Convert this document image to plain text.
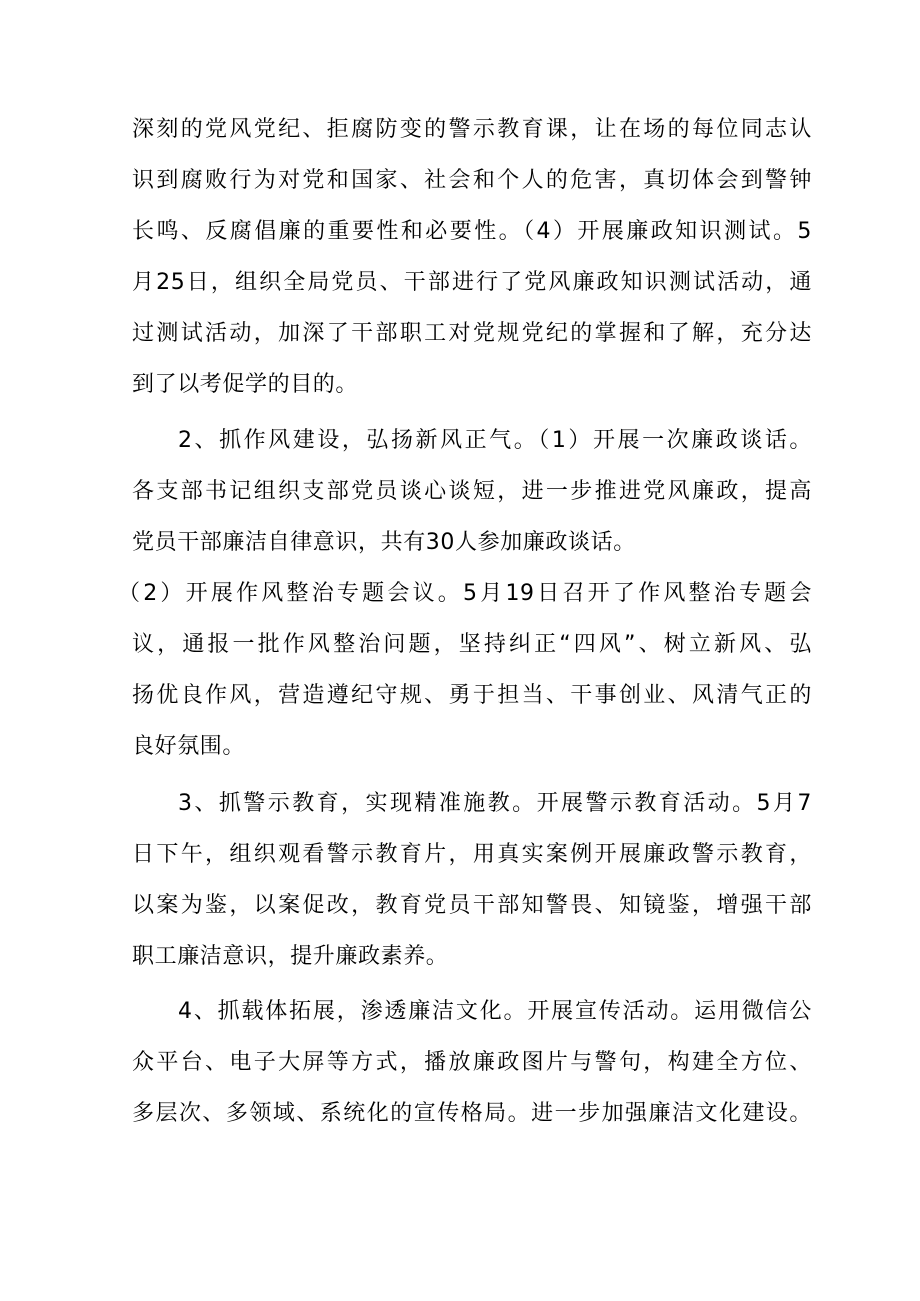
深刻的党风党纪、拒腐防变的警示教育课，让在场的每位同志认
识到腐败行为对党和国家、社会和个人的危害，真切体会到警钟
长鸣、反腐倡廉的重要性和必要性。（4）开展廉政知识测试。5
月25日，组织全局党员、干部进行了党风廉政知识测试活动，通
过测试活动，加深了干部职工对党规党纪的掌握和了解，充分达
到了以考促学的目的。
2、抓作风建设，弘扬新风正气。（1）开展一次廉政谈话。
各支部书记组织支部党员谈心谈短，进一步推进党风廉政，提高
党员干部廉洁自律意识，共有30人参加廉政谈话。
（2）开展作风整治专题会议。5月19日召开了作风整治专题会
议，通报一批作风整治问题，坚持纠正“四风”、树立新风、弘
扬优良作风，营造遵纪守规、勇于担当、干事创业、风清气正的
良好氛围。
3、抓警示教育，实现精准施教。开展警示教育活动。5月7
日下午，组织观看警示教育片，用真实案例开展廉政警示教育，
以案为鉴，以案促改，教育党员干部知警畏、知镜鉴，增强干部
职工廉洁意识，提升廉政素养。
4、抓载体拓展，渗透廉洁文化。开展宣传活动。运用微信公
众平台、电子大屏等方式，播放廉政图片与警句，构建全方位、
多层次、多领域、系统化的宣传格局。进一步加强廉洁文化建设。
